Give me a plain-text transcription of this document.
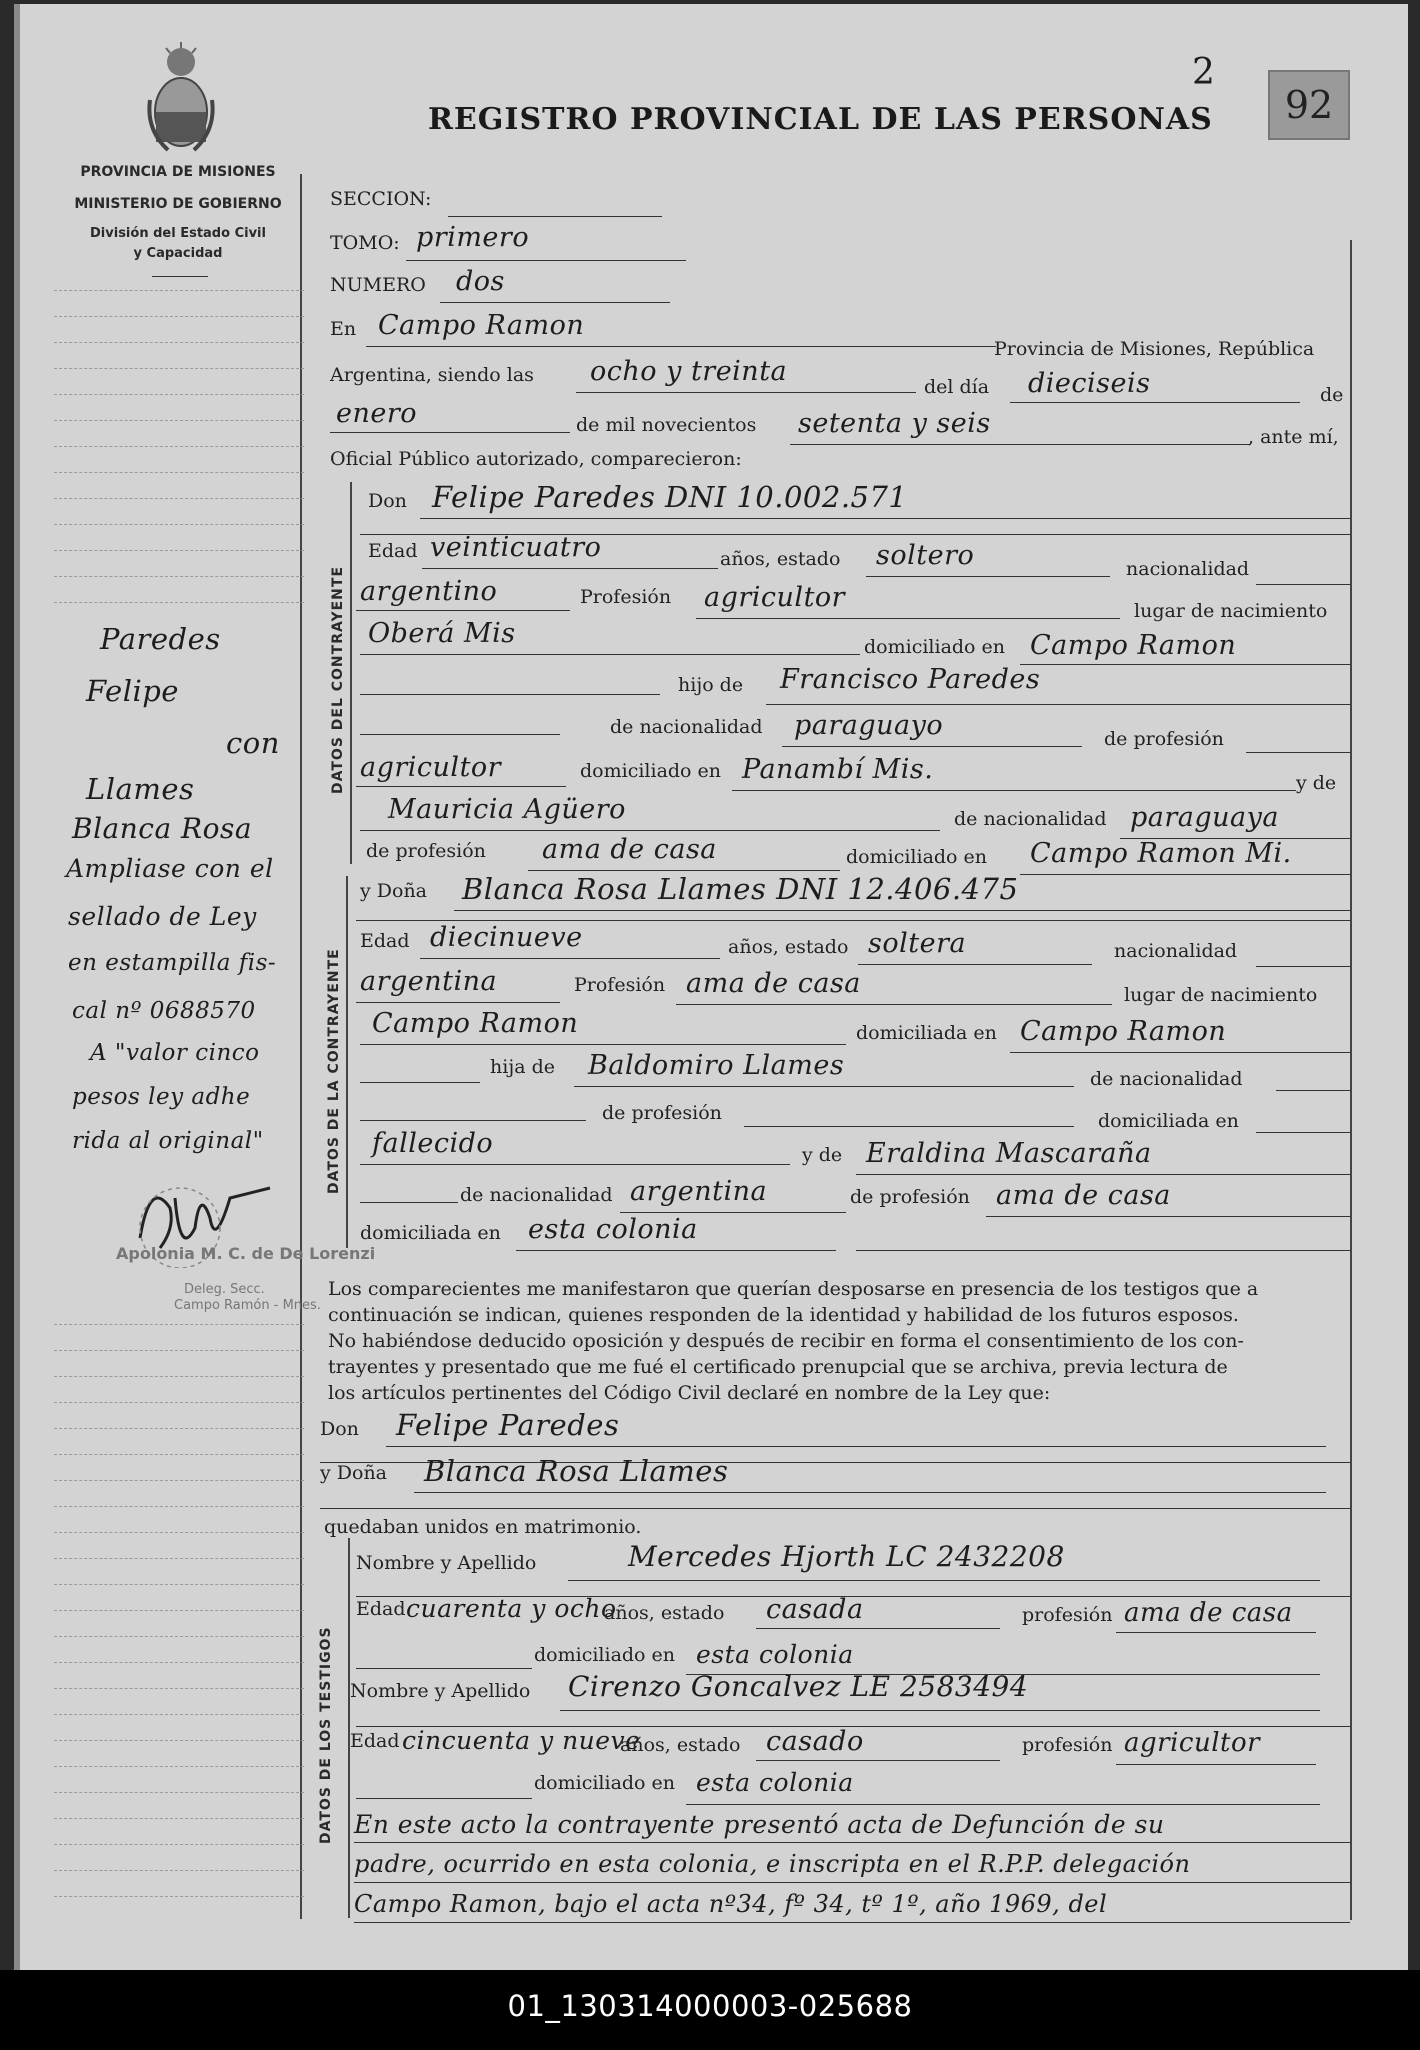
PROVINCIA DE MISIONES
MINISTERIO DE GOBIERNO
División del Estado Civil
y Capacidad
REGISTRO PROVINCIAL DE LAS PERSONAS
2
92
Paredes
Felipe
con
Llames
Blanca Rosa
Ampliase con el
sellado de Ley
en estampilla fis-
cal nº 0688570
A "valor cinco
pesos ley adhe
rida al original"
Apolonia M. C. de De Lorenzi
Deleg. Secc.
Campo Ramón - Mnes.
SECCION:
TOMO: primero
NUMERO dos
En Campo Ramon
Provincia de Misiones, República
Argentina, siendo las ocho y treinta	del día dieciseis	de
enero	de mil novecientos setenta y seis	, ante mí,
Oficial Público autorizado, comparecieron:
DATOS DEL CONTRAYENTE
Don Felipe Paredes DNI 10.002.571
Edad veinticuatro	años, estado soltero	nacionalidad
argentino	Profesión agricultor	lugar de nacimiento
Oberá Mis	domiciliado en Campo Ramon
hijo de Francisco Paredes
de nacionalidad paraguayo	de profesión
agricultor	domiciliado en Panambí Mis.	y de
Mauricia Agüero	de nacionalidad paraguaya
de profesión ama de casa	domiciliado en Campo Ramon Mi.
DATOS DE LA CONTRAYENTE
y Doña Blanca Rosa Llames DNI 12.406.475
Edad diecinueve	años, estado soltera	nacionalidad
argentina	Profesión ama de casa	lugar de nacimiento
Campo Ramon	domiciliada en Campo Ramon
hija de Baldomiro Llames	de nacionalidad
de profesión	domiciliada en
fallecido	y de Eraldina Mascaraña
de nacionalidad argentina	de profesión ama de casa
domiciliada en esta colonia
Los comparecientes me manifestaron que querían desposarse en presencia de los testigos que a
continuación se indican, quienes responden de la identidad y habilidad de los futuros esposos.
No habiéndose deducido oposición y después de recibir en forma el consentimiento de los con-
trayentes y presentado que me fué el certificado prenupcial que se archiva, previa lectura de
los artículos pertinentes del Código Civil declaré en nombre de la Ley que:
Don Felipe Paredes
y Doña Blanca Rosa Llames
quedaban unidos en matrimonio.
DATOS DE LOS TESTIGOS
Nombre y Apellido	Mercedes Hjorth LC 2432208
Edad cuarenta y ocho
años, estado casada	profesión ama de casa
domiciliado en esta colonia
Nombre y Apellido Cirenzo Goncalvez LE 2583494
Edad cincuenta y nueve
años, estado casado	profesión agricultor
domiciliado en esta colonia
En este acto la contrayente presentó acta de Defunción de su
padre, ocurrido en esta colonia, e inscripta en el R.P.P. delegación
Campo Ramon, bajo el acta nº34, fº 34, tº 1º, año 1969, del
01_130314000003-025688
